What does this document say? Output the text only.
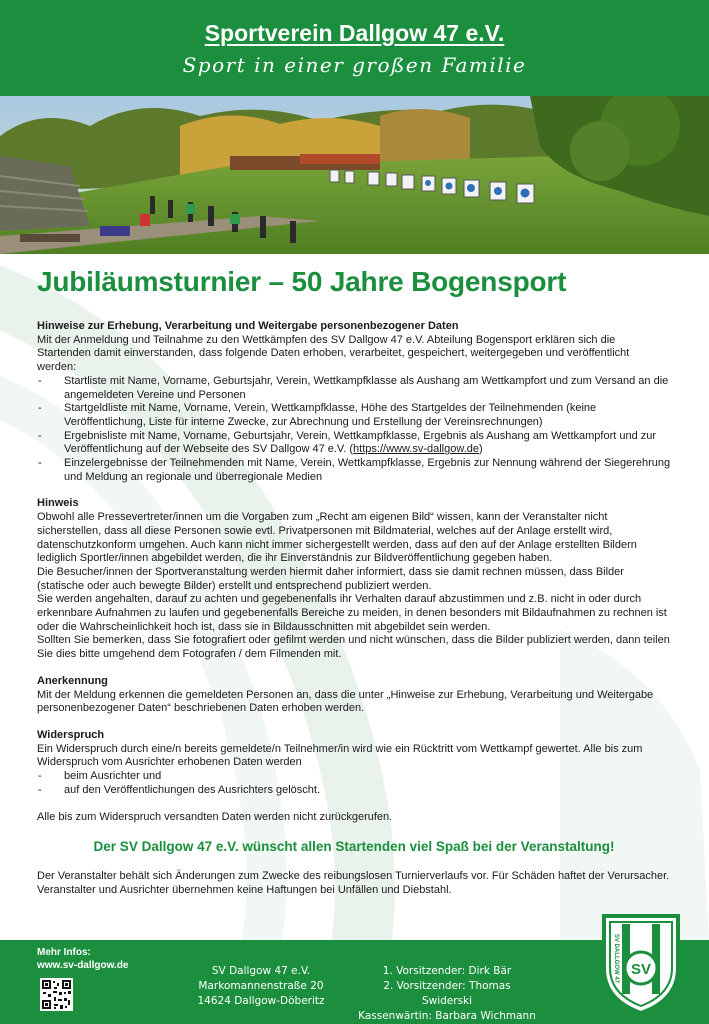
Sportverein Dallgow 47 e.V.
Sport in einer großen Familie
Jubiläumsturnier – 50 Jahre Bogensport

Hinweise zur Erhebung, Verarbeitung und Weitergabe personenbezogener Daten

Mit der Anmeldung und Teilnahme zu den Wettkämpfen des SV Dallgow 47 e.V. Abteilung Bogensport erklären sich die Startenden damit einverstanden, dass folgende Daten erhoben, verarbeitet, gespeichert, weitergegeben und veröffentlicht werden:

- Startliste mit Name, Vorname, Geburtsjahr, Verein, Wettkampfklasse als Aushang am Wettkampfort und zum Versand an die angemeldeten Vereine und Personen
- Startgeldliste mit Name, Vorname, Verein, Wettkampfklasse, Höhe des Startgeldes der Teilnehmenden (keine Veröffentlichung, Liste für interne Zwecke, zur Abrechnung und Erstellung der Vereinsrechnungen)
- Ergebnisliste mit Name, Vorname, Geburtsjahr, Verein, Wettkampfklasse, Ergebnis als Aushang am Wettkampfort und zur Veröffentlichung auf der Webseite des SV Dallgow 47 e.V. (https://www.sv-dallgow.de)
- Einzelergebnisse der Teilnehmenden mit Name, Verein, Wettkampfklasse, Ergebnis zur Nennung während der Siegerehrung und Meldung an regionale und überregionale Medien

Hinweis

Obwohl alle Pressevertreter/innen um die Vorgaben zum „Recht am eigenen Bild“ wissen, kann der Veranstalter nicht sicherstellen, dass all diese Personen sowie evtl. Privatpersonen mit Bildmaterial, welches auf der Anlage erstellt wird, datenschutzkonform umgehen. Auch kann nicht immer sichergestellt werden, dass auf den auf der Anlage erstellten Bildern lediglich Sportler/innen abgebildet werden, die ihr Einverständnis zur Bildveröffentlichung gegeben haben.

Die Besucher/innen der Sportveranstaltung werden hiermit daher informiert, dass sie damit rechnen müssen, dass Bilder (statische oder auch bewegte Bilder) erstellt und entsprechend publiziert werden.

Sie werden angehalten, darauf zu achten und gegebenenfalls ihr Verhalten darauf abzustimmen und z.B. nicht in oder durch erkennbare Aufnahmen zu laufen und gegebenenfalls Bereiche zu meiden, in denen besonders mit Bildaufnahmen zu rechnen ist oder die Wahrscheinlichkeit hoch ist, dass sie in Bildausschnitten mit abgebildet sein werden.

Sollten Sie bemerken, dass Sie fotografiert oder gefilmt werden und nicht wünschen, dass die Bilder publiziert werden, dann teilen Sie dies bitte umgehend dem Fotografen / dem Filmenden mit.

Anerkennung

Mit der Meldung erkennen die gemeldeten Personen an, dass die unter „Hinweise zur Erhebung, Verarbeitung und Weitergabe personenbezogener Daten“ beschriebenen Daten erhoben werden.

Widerspruch

Ein Widerspruch durch eine/n bereits gemeldete/n Teilnehmer/in wird wie ein Rücktritt vom Wettkampf gewertet. Alle bis zum Widerspruch vom Ausrichter erhobenen Daten werden

- beim Ausrichter und
- auf den Veröffentlichungen des Ausrichters gelöscht.

Alle bis zum Widerspruch versandten Daten werden nicht zurückgerufen.

Der SV Dallgow 47 e.V. wünscht allen Startenden viel Spaß bei der Veranstaltung!

Der Veranstalter behält sich Änderungen zum Zwecke des reibungslosen Turnierverlaufs vor. Für Schäden haftet der Verursacher. Veranstalter und Ausrichter übernehmen keine Haftungen bei Unfällen und Diebstahl.

Mehr Infos:
www.sv-dallgow.de	SV Dallgow 47 e.V.
Markomannenstraße 20
14624 Dallgow-Döberitz
1. Vorsitzender: Dirk Bär
2. Vorsitzender: Thomas Swiderski
Kassenwärtin: Barbara Wichmann
SV
SV DALLGOW 47
